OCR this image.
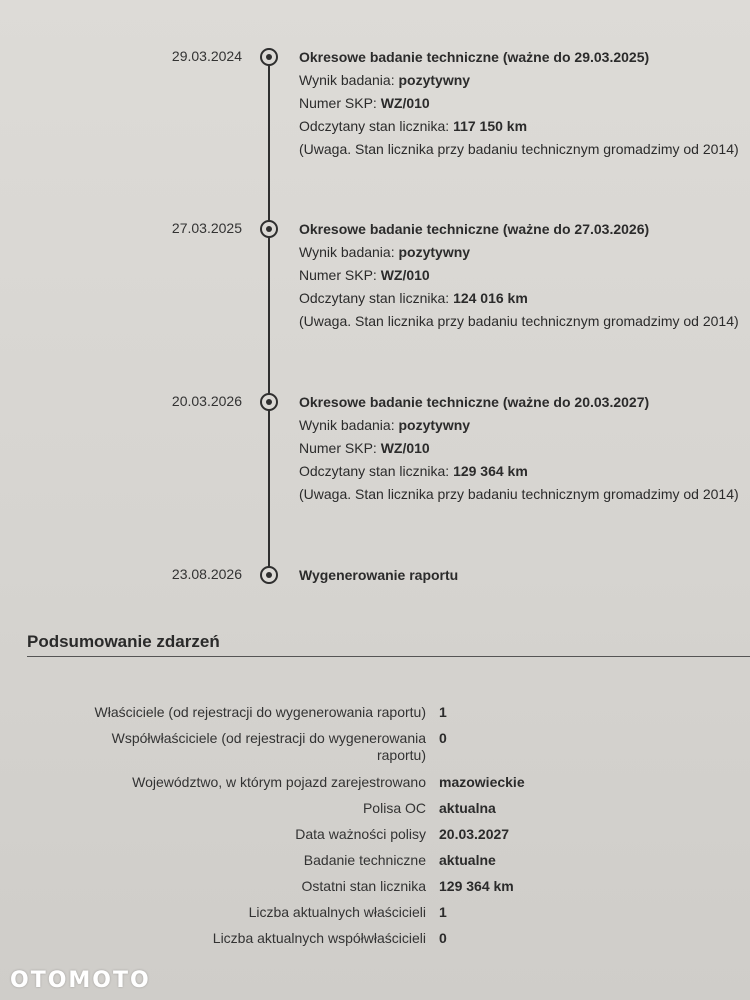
29.03.2024	Okresowe badanie techniczne (ważne do 29.03.2025)
Wynik badania: pozytywny
Numer SKP: WZ/010
Odczytany stan licznika: 117 150 km
(Uwaga. Stan licznika przy badaniu technicznym gromadzimy od 2014)
27.03.2025	Okresowe badanie techniczne (ważne do 27.03.2026)
Wynik badania: pozytywny
Numer SKP: WZ/010
Odczytany stan licznika: 124 016 km
(Uwaga. Stan licznika przy badaniu technicznym gromadzimy od 2014)
20.03.2026	Okresowe badanie techniczne (ważne do 20.03.2027)
Wynik badania: pozytywny
Numer SKP: WZ/010
Odczytany stan licznika: 129 364 km
(Uwaga. Stan licznika przy badaniu technicznym gromadzimy od 2014)
23.08.2026	Wygenerowanie raportu
Podsumowanie zdarzeń
Właściciele (od rejestracji do wygenerowania raportu) 1
Współwłaściciele (od rejestracji do wygenerowania raportu)
0
Województwo, w którym pojazd zarejestrowano mazowieckie
Polisa OC aktualna
Data ważności polisy 20.03.2027
Badanie techniczne aktualne
Ostatni stan licznika 129 364 km
Liczba aktualnych właścicieli 1
Liczba aktualnych współwłaścicieli 0
OTOMOTO
